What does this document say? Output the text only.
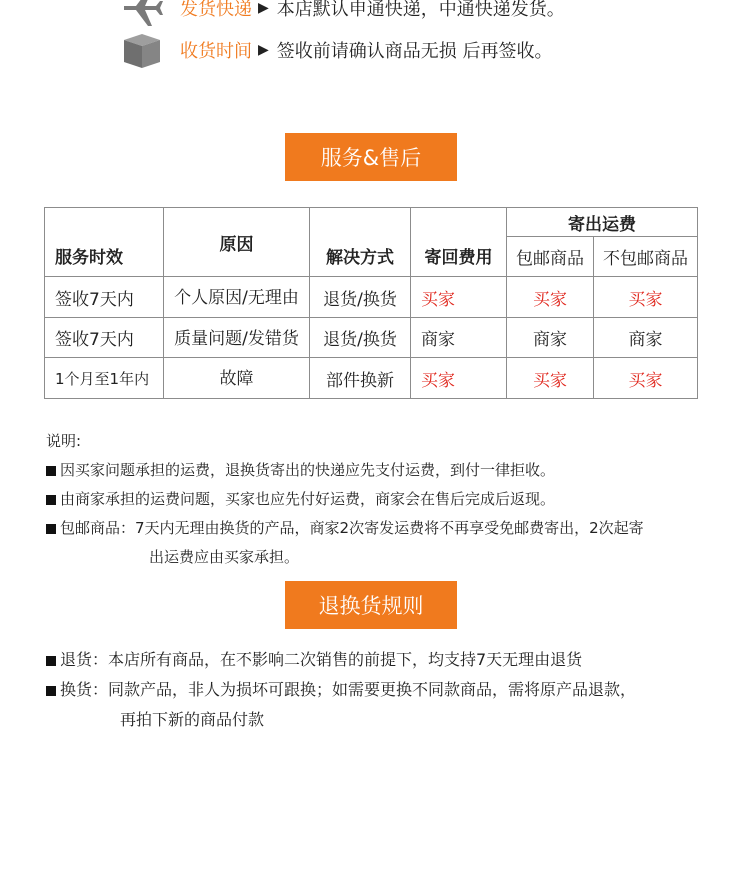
发货快递 ▶ 本店默认申通快递，中通快递发货。
收货时间 ▶ 签收前请确认商品无损 后再签收。
服务&售后
服务时效	原因	解决方式	寄回费用	寄出运费	
				包邮商品	不包邮商品
签收7天内	个人原因/无理由	退货/换货	买家	买家	买家
签收7天内	质量问题/发错货	退货/换货	商家	商家	商家
1个月至1年内	故障	部件换新	买家	买家	买家
说明:
因买家问题承担的运费，退换货寄出的快递应先支付运费，到付一律拒收。
由商家承担的运费问题，买家也应先付好运费，商家会在售后完成后返现。
包邮商品：7天内无理由换货的产品，商家2次寄发运费将不再享受免邮费寄出，2次起寄
出运费应由买家承担。
退换货规则
退货：本店所有商品，在不影响二次销售的前提下，均支持7天无理由退货
换货：同款产品，非人为损坏可跟换；如需要更换不同款商品，需将原产品退款，
再拍下新的商品付款
